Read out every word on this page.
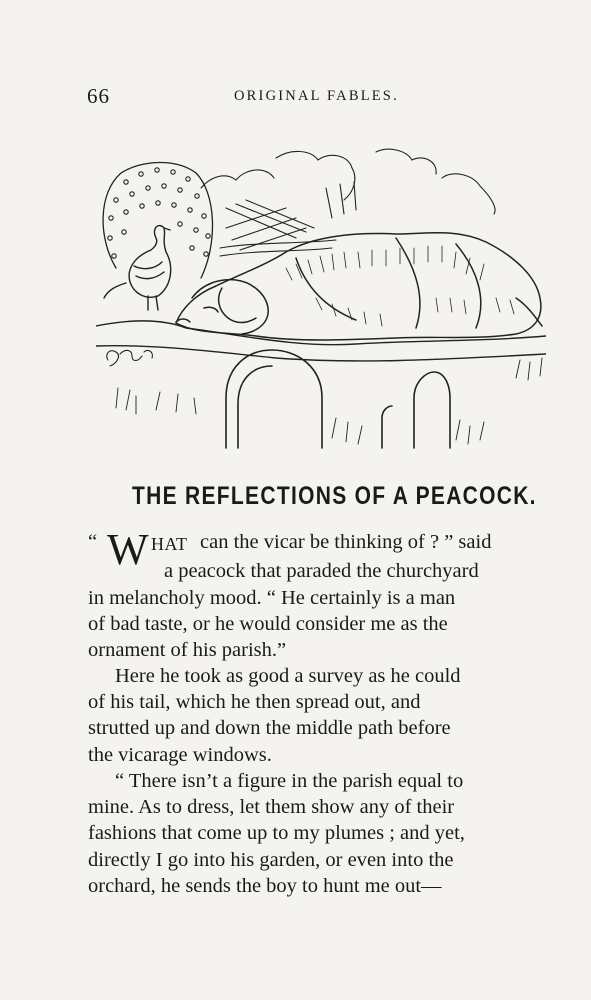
66	ORIGINAL FABLES.
THE REFLECTIONS OF A PEACOCK.
“ W HAT can the vicar be thinking of ? ” said
a peacock that paraded the churchyard
in melancholy mood. “ He certainly is a man
of bad taste, or he would consider me as the
ornament of his parish.”
Here he took as good a survey as he could
of his tail, which he then spread out, and
strutted up and down the middle path before
the vicarage windows.
“ There isn’t a figure in the parish equal to
mine. As to dress, let them show any of their
fashions that come up to my plumes ; and yet,
directly I go into his garden, or even into the
orchard, he sends the boy to hunt me out—
